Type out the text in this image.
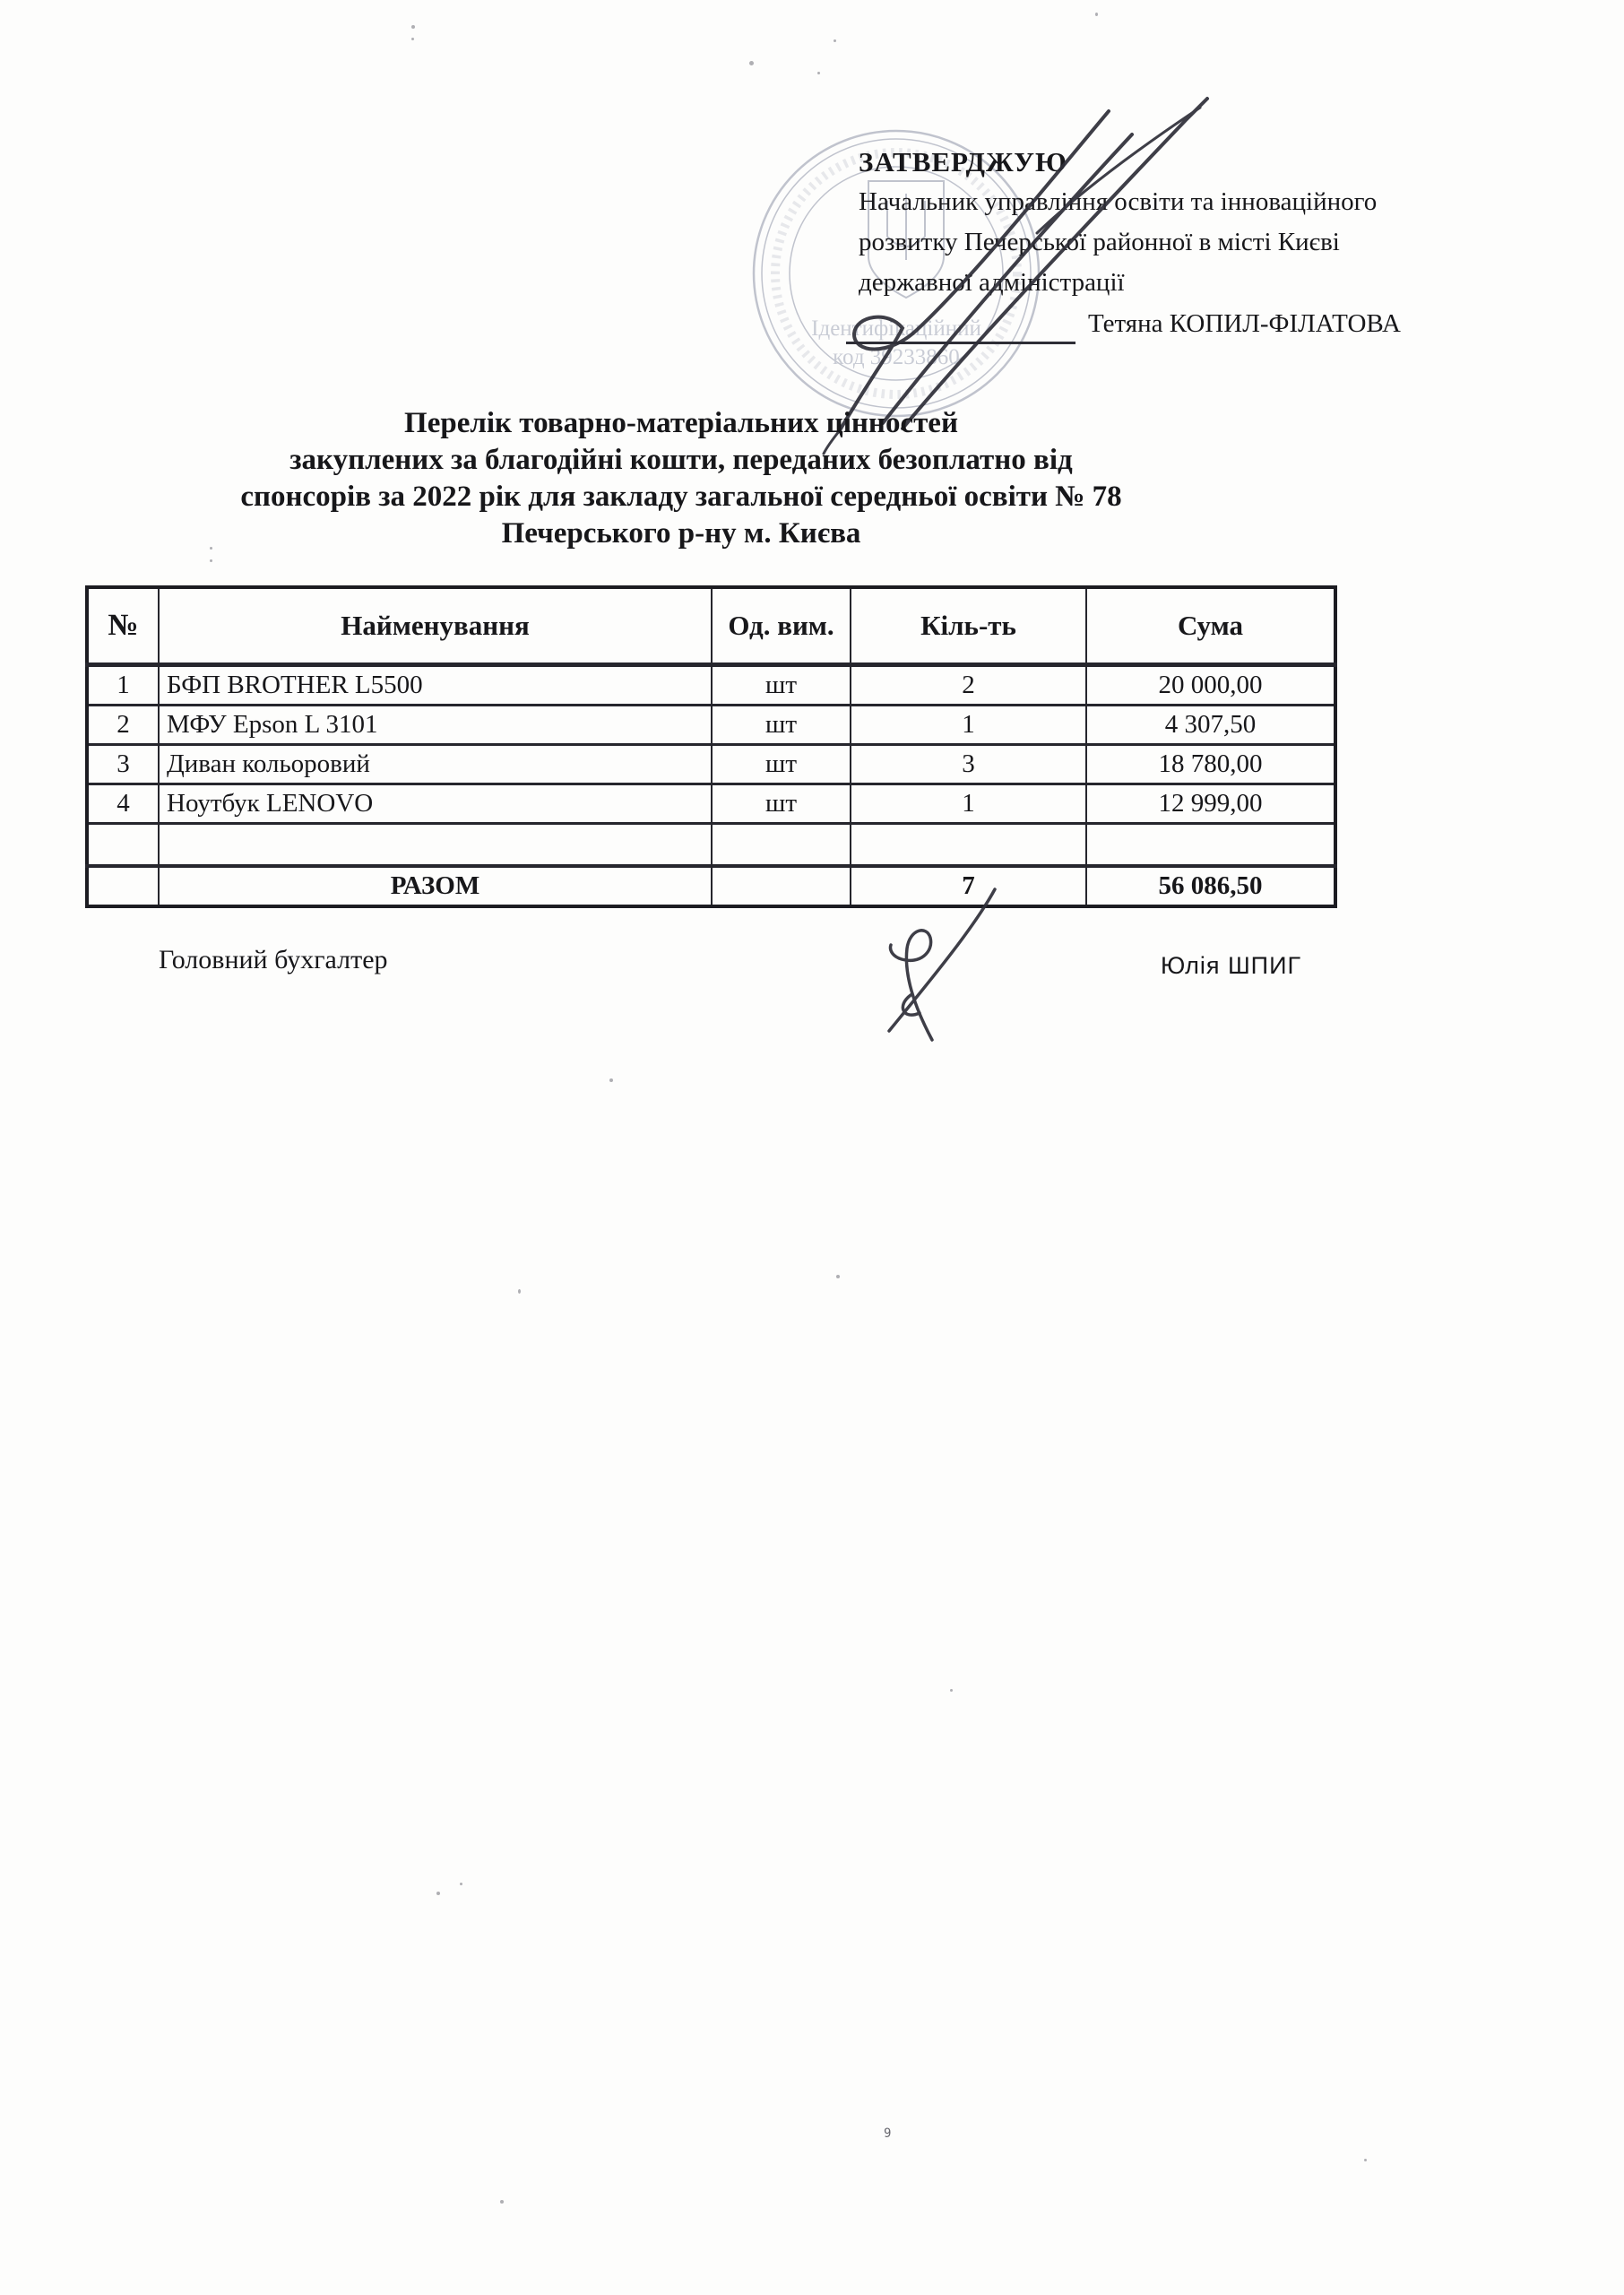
Ідентифікаційний
код 39233860
ЗАТВЕРДЖУЮ
Начальник управління освіти та інноваційного
розвитку Печерської районної в місті Києві
державної адміністрації
Тетяна КОПИЛ-ФІЛАТОВА
Перелік товарно-матеріальних цінностей
закуплених за благодійні кошти, переданих безоплатно від
спонсорів за 2022 рік для закладу загальної середньої освіти № 78
Печерського р-ну м. Києва
№	Найменування	Од. вим.	Кіль-ть	Сума
1	БФП BROTHER L5500	шт	2	20 000,00
2	МФУ Epson L 3101	шт	1	4 307,50
3	Диван кольоровий	шт	3	18 780,00
4	Ноутбук LENOVO	шт	1	12 999,00

	РАЗОМ		7	56 086,50
Головний бухгалтер	Юлія ШПИГ
9
